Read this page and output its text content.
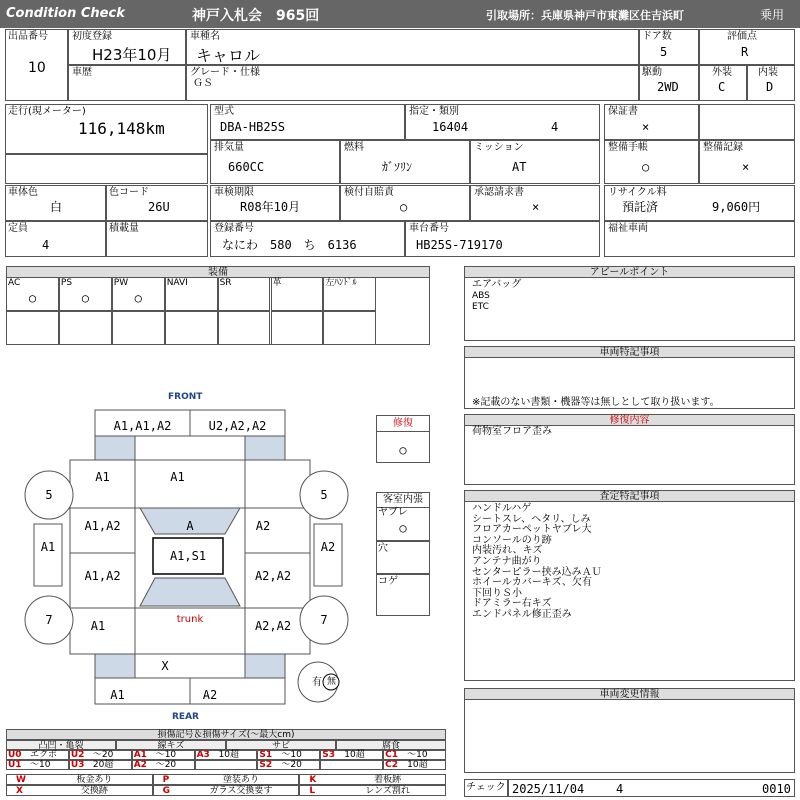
Condition Check	神戸入札会　965回	引取場所：兵庫県神戸市東灘区住吉浜町	乗用
出品番号
10
初度登録
H23年10月
車種名
キャロル
ドア数
5
評価点
R
車歴	グレード・仕様
ＧＳ
駆動
2WD
外装
C
内装
D
走行(現メーター)
116,148km
型式
DBA-HB25S
指定・類別
16404	4
排気量
660CC
燃料
ｶﾞｿﾘﾝ
ミッション
AT
保証書
×
整備手帳
○
整備記録
×
車体色
白
色コード
26U
車検期限
R08年10月
検付自賠責
○
承認請求書
×
リサイクル料
預託済	9,060円
定員
4
積載量	登録番号
なにわ　580　ち　6136
車台番号
HB25S-719170
福祉車両
装備
AC
○
PS
○
PW
○
NAVI	SR	革	左ﾊﾝﾄﾞﾙ
アピールポイント
エアバッグ
ABS
ETC
車両特記事項
※記載のない書類・機器等は無しとして取り扱います。
修復内容
荷物室フロア歪み
査定特記事項
ハンドルハゲ
シートスレ、ヘタリ、しみ
フロアカーペットヤブレ大
コンソールのり跡
内装汚れ、キズ
アンテナ曲がり
センターピラー挟み込みＡＵ
ホイールカバーキズ、欠有
下回りＳ小
ドアミラー右キズ
エンドパネル修正歪み
車両変更情報
チェック 2025/11/04	4	0010
FRONT
REAR
A1,A1,A2	U2,A2,A2
A1	A1
A1,A2	A	A2
A1
A1,S1
A2
A1,A2	A2,A2
trunk
A1	A2,A2
X
A1	A2
5	5
7	7
有 無
修復
○
客室内張
ヤブレ
○
穴
コゲ
損傷記号＆損傷サイズ(〜最大cm)
凸凹・亀裂	線キズ	サビ	腐食
U0 エクボ U2 〜20 A1 〜10 A3 10超 S1 〜10 S3 10超 C1 〜10
U1 〜10 U3 20超 A2 〜20	S2 〜20	C2 10超
W	板金あり	P	塗装あり	K	着板跡
X	交換跡	G	ガラス交換要す	L	レンズ割れ
